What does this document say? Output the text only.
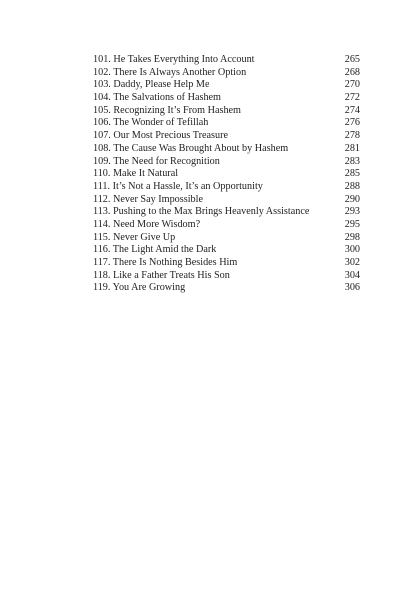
101. He Takes Everything Into Account	265
102. There Is Always Another Option	268
103. Daddy, Please Help Me	270
104. The Salvations of Hashem	272
105. Recognizing It’s From Hashem	274
106. The Wonder of Tefillah	276
107. Our Most Precious Treasure	278
108. The Cause Was Brought About by Hashem	281
109. The Need for Recognition	283
110. Make It Natural	285
111. It’s Not a Hassle, It’s an Opportunity	288
112. Never Say Impossible	290
113. Pushing to the Max Brings Heavenly Assistance	293
114. Need More Wisdom?	295
115. Never Give Up	298
116. The Light Amid the Dark	300
117. There Is Nothing Besides Him	302
118. Like a Father Treats His Son	304
119. You Are Growing	306
